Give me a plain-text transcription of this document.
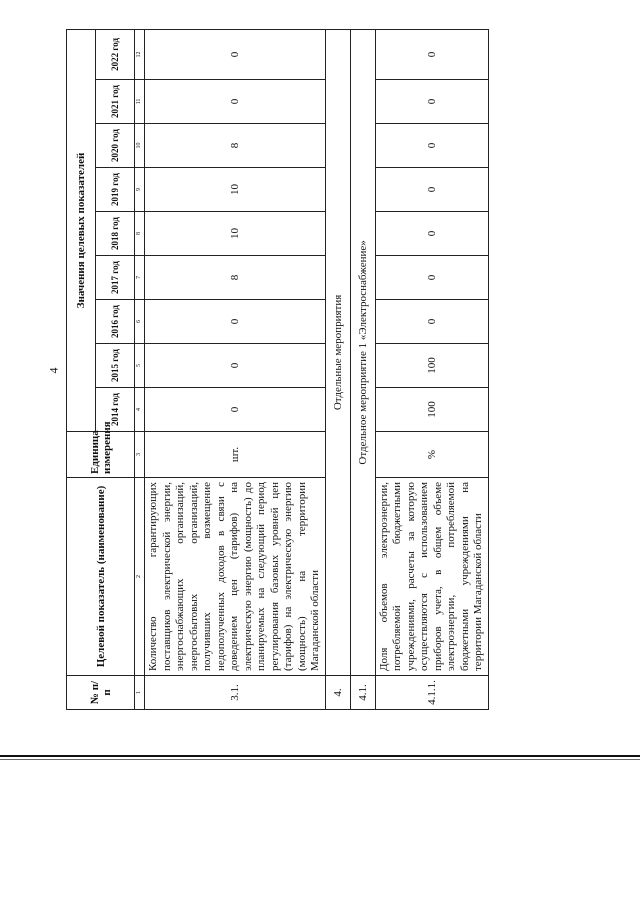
4
№ п/п	Целевой показатель (наименование)	Единица измерения	Значения целевых показателей								
			2014 год	2015 год	2016 год	2017 год	2018 год	2019 год	2020 год	2021 год	2022 год
1	2	3	4	5	6	7	8	9	10	11	12
3.1.	Количество гарантирующих поставщиков электрической энергии, энергоснабжающих организаций, энергосбытовых организаций, получивших возмещение недополученных доходов в связи с доведением цен (тарифов) на электрическую энергию (мощность) до планируемых на следующий период регулирования базовых уровней цен (тарифов) на электрическую энергию (мощность) на территории Магаданской области	шт.	0	0	0	8	10	10	8	0	0
4.	Отдельные мероприятия										
4.1.	Отдельное мероприятие 1 «Электроснабжение»										
4.1.1.	Доля объемов электроэнергии, потребляемой бюджетными учреждениями, расчеты за которую осуществляются с использованием приборов учета, в общем объеме электроэнергии, потребляемой бюджетными учреждениями на территории Магаданской области	%	100	100	0	0	0	0	0	0	0
